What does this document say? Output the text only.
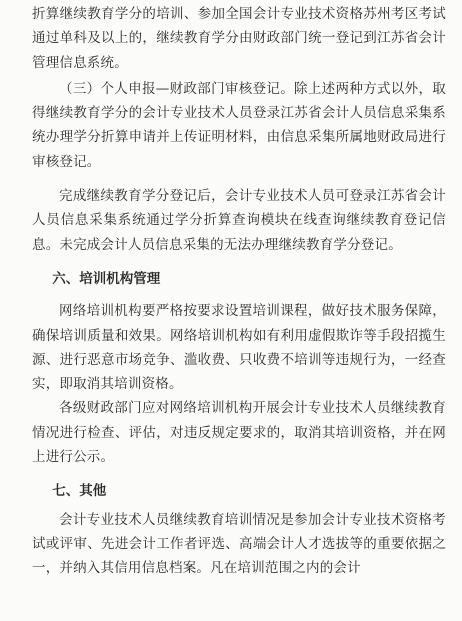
折算继续教育学分的培训、参加全国会计专业技术资格苏州考区考试通过单科及以上的，继续教育学分由财政部门统一登记到江苏省会计管理信息系统。

（三）个人申报—财政部门审核登记。除上述两种方式以外，取得继续教育学分的会计专业技术人员登录江苏省会计人员信息采集系统办理学分折算申请并上传证明材料，由信息采集所属地财政局进行审核登记。

完成继续教育学分登记后，会计专业技术人员可登录江苏省会计人员信息采集系统通过学分折算查询模块在线查询继续教育登记信息。未完成会计人员信息采集的无法办理继续教育学分登记。

六、培训机构管理

网络培训机构要严格按要求设置培训课程，做好技术服务保障，确保培训质量和效果。网络培训机构如有利用虚假欺诈等手段招揽生源、进行恶意市场竞争、滥收费、只收费不培训等违规行为，一经查实，即取消其培训资格。

各级财政部门应对网络培训机构开展会计专业技术人员继续教育情况进行检查、评估，对违反规定要求的，取消其培训资格，并在网上进行公示。

七、其他

会计专业技术人员继续教育培训情况是参加会计专业技术资格考试或评审、先进会计工作者评选、高端会计人才选拔等的重要依据之一，并纳入其信用信息档案。凡在培训范围之内的会计
